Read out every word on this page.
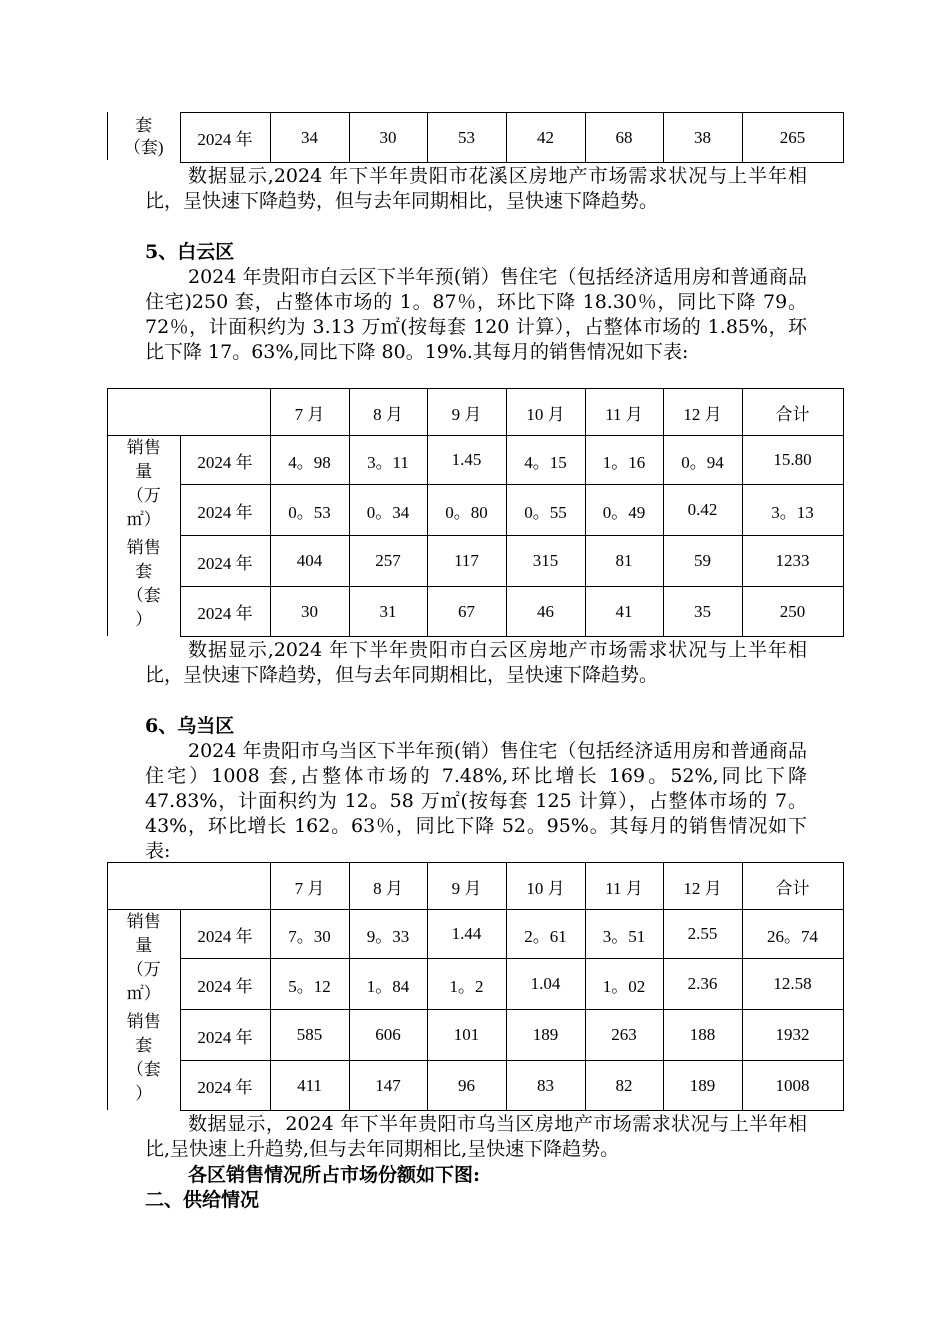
套
（套)	2024 年	34	30	53	42	68	38	265
数据显示,2024 年下半年贵阳市花溪区房地产市场需求状况与上半年相比，呈快速下降趋势，但与去年同期相比，呈快速下降趋势。
5、白云区
2024 年贵阳市白云区下半年预(销）售住宅（包括经济适用房和普通商品住宅)250 套，占整体市场的 1。87％，环比下降 18.30％，同比下降 79。72％，计面积约为 3.13 万㎡(按每套 120 计算），占整体市场的 1.85%，环比下降 17。63%,同比下降 80。19%.其每月的销售情况如下表:
		7 月	8 月	9 月	10 月	11 月	12 月	合计

销售
量
（万
㎡）	2024 年	4。98	3。11	1.45	4。15	1。16	0。94	15.80
	2024 年	0。53	0。34	0。80	0。55	0。49	0.42	3。13

销售
套
（套
）	2024 年	404	257	117	315	81	59	1233
	2024 年	30	31	67	46	41	35	250
数据显示,2024 年下半年贵阳市白云区房地产市场需求状况与上半年相比，呈快速下降趋势，但与去年同期相比，呈快速下降趋势。
6、乌当区
2024 年贵阳市乌当区下半年预(销）售住宅（包括经济适用房和普通商品住宅）1008 套,占整体市场的 7.48%,环比增长 169。52%,同比下降 47.83%，计面积约为 12。58 万㎡(按每套 125 计算），占整体市场的 7。43%，环比增长 162。63％，同比下降 52。95%。其每月的销售情况如下表:
		7 月	8 月	9 月	10 月	11 月	12 月	合计

销售
量
（万
㎡）	2024 年	7。30	9。33	1.44	2。61	3。51	2.55	26。74
	2024 年	5。12	1。84	1。2	1.04	1。02	2.36	12.58

销售
套
（套
）	2024 年	585	606	101	189	263	188	1932
	2024 年	411	147	96	83	82	189	1008
数据显示，2024 年下半年贵阳市乌当区房地产市场需求状况与上半年相比,呈快速上升趋势,但与去年同期相比,呈快速下降趋势。
各区销售情况所占市场份额如下图:
二、供给情况
